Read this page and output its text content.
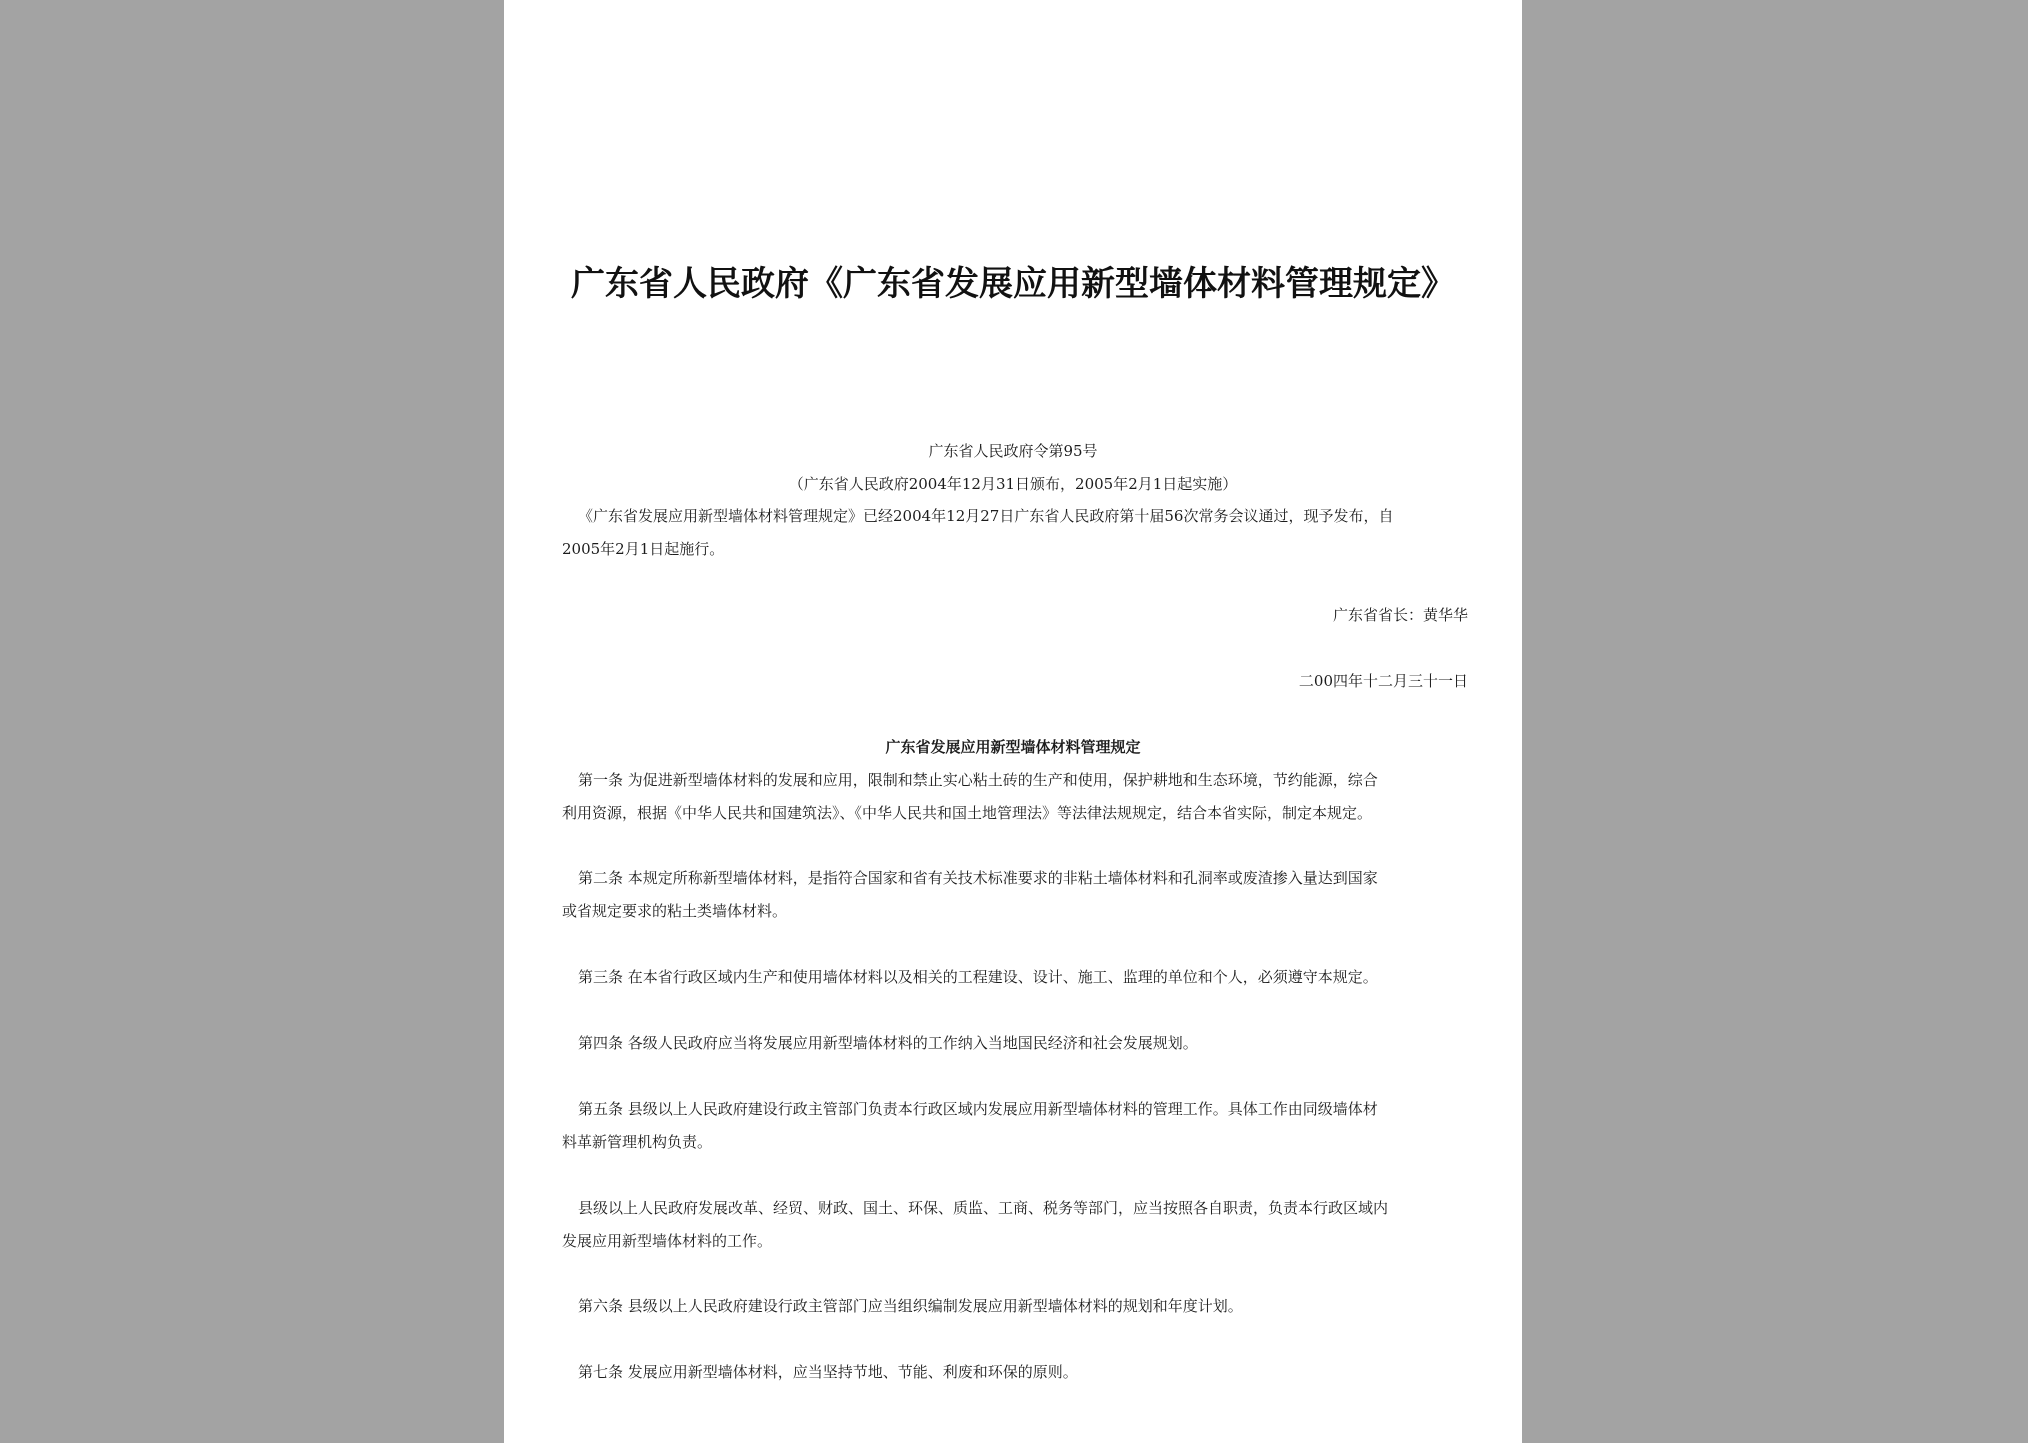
广东省人民政府《广东省发展应用新型墙体材料管理规定》

广东省人民政府令第95号

（广东省人民政府2004年12月31日颁布，2005年2月1日起实施）

《广东省发展应用新型墙体材料管理规定》已经2004年12月27日广东省人民政府第十届56次常务会议通过，现予发布，自

2005年2月1日起施行。

广东省省长：黄华华

二00四年十二月三十一日

广东省发展应用新型墙体材料管理规定

第一条 为促进新型墙体材料的发展和应用，限制和禁止实心粘土砖的生产和使用，保护耕地和生态环境，节约能源，综合

利用资源，根据《中华人民共和国建筑法》、《中华人民共和国土地管理法》等法律法规规定，结合本省实际，制定本规定。

第二条 本规定所称新型墙体材料，是指符合国家和省有关技术标准要求的非粘土墙体材料和孔洞率或废渣掺入量达到国家

或省规定要求的粘土类墙体材料。

第三条 在本省行政区域内生产和使用墙体材料以及相关的工程建设、设计、施工、监理的单位和个人，必须遵守本规定。

第四条 各级人民政府应当将发展应用新型墙体材料的工作纳入当地国民经济和社会发展规划。

第五条 县级以上人民政府建设行政主管部门负责本行政区域内发展应用新型墙体材料的管理工作。具体工作由同级墙体材

料革新管理机构负责。

县级以上人民政府发展改革、经贸、财政、国土、环保、质监、工商、税务等部门，应当按照各自职责，负责本行政区域内

发展应用新型墙体材料的工作。

第六条 县级以上人民政府建设行政主管部门应当组织编制发展应用新型墙体材料的规划和年度计划。

第七条 发展应用新型墙体材料，应当坚持节地、节能、利废和环保的原则。
